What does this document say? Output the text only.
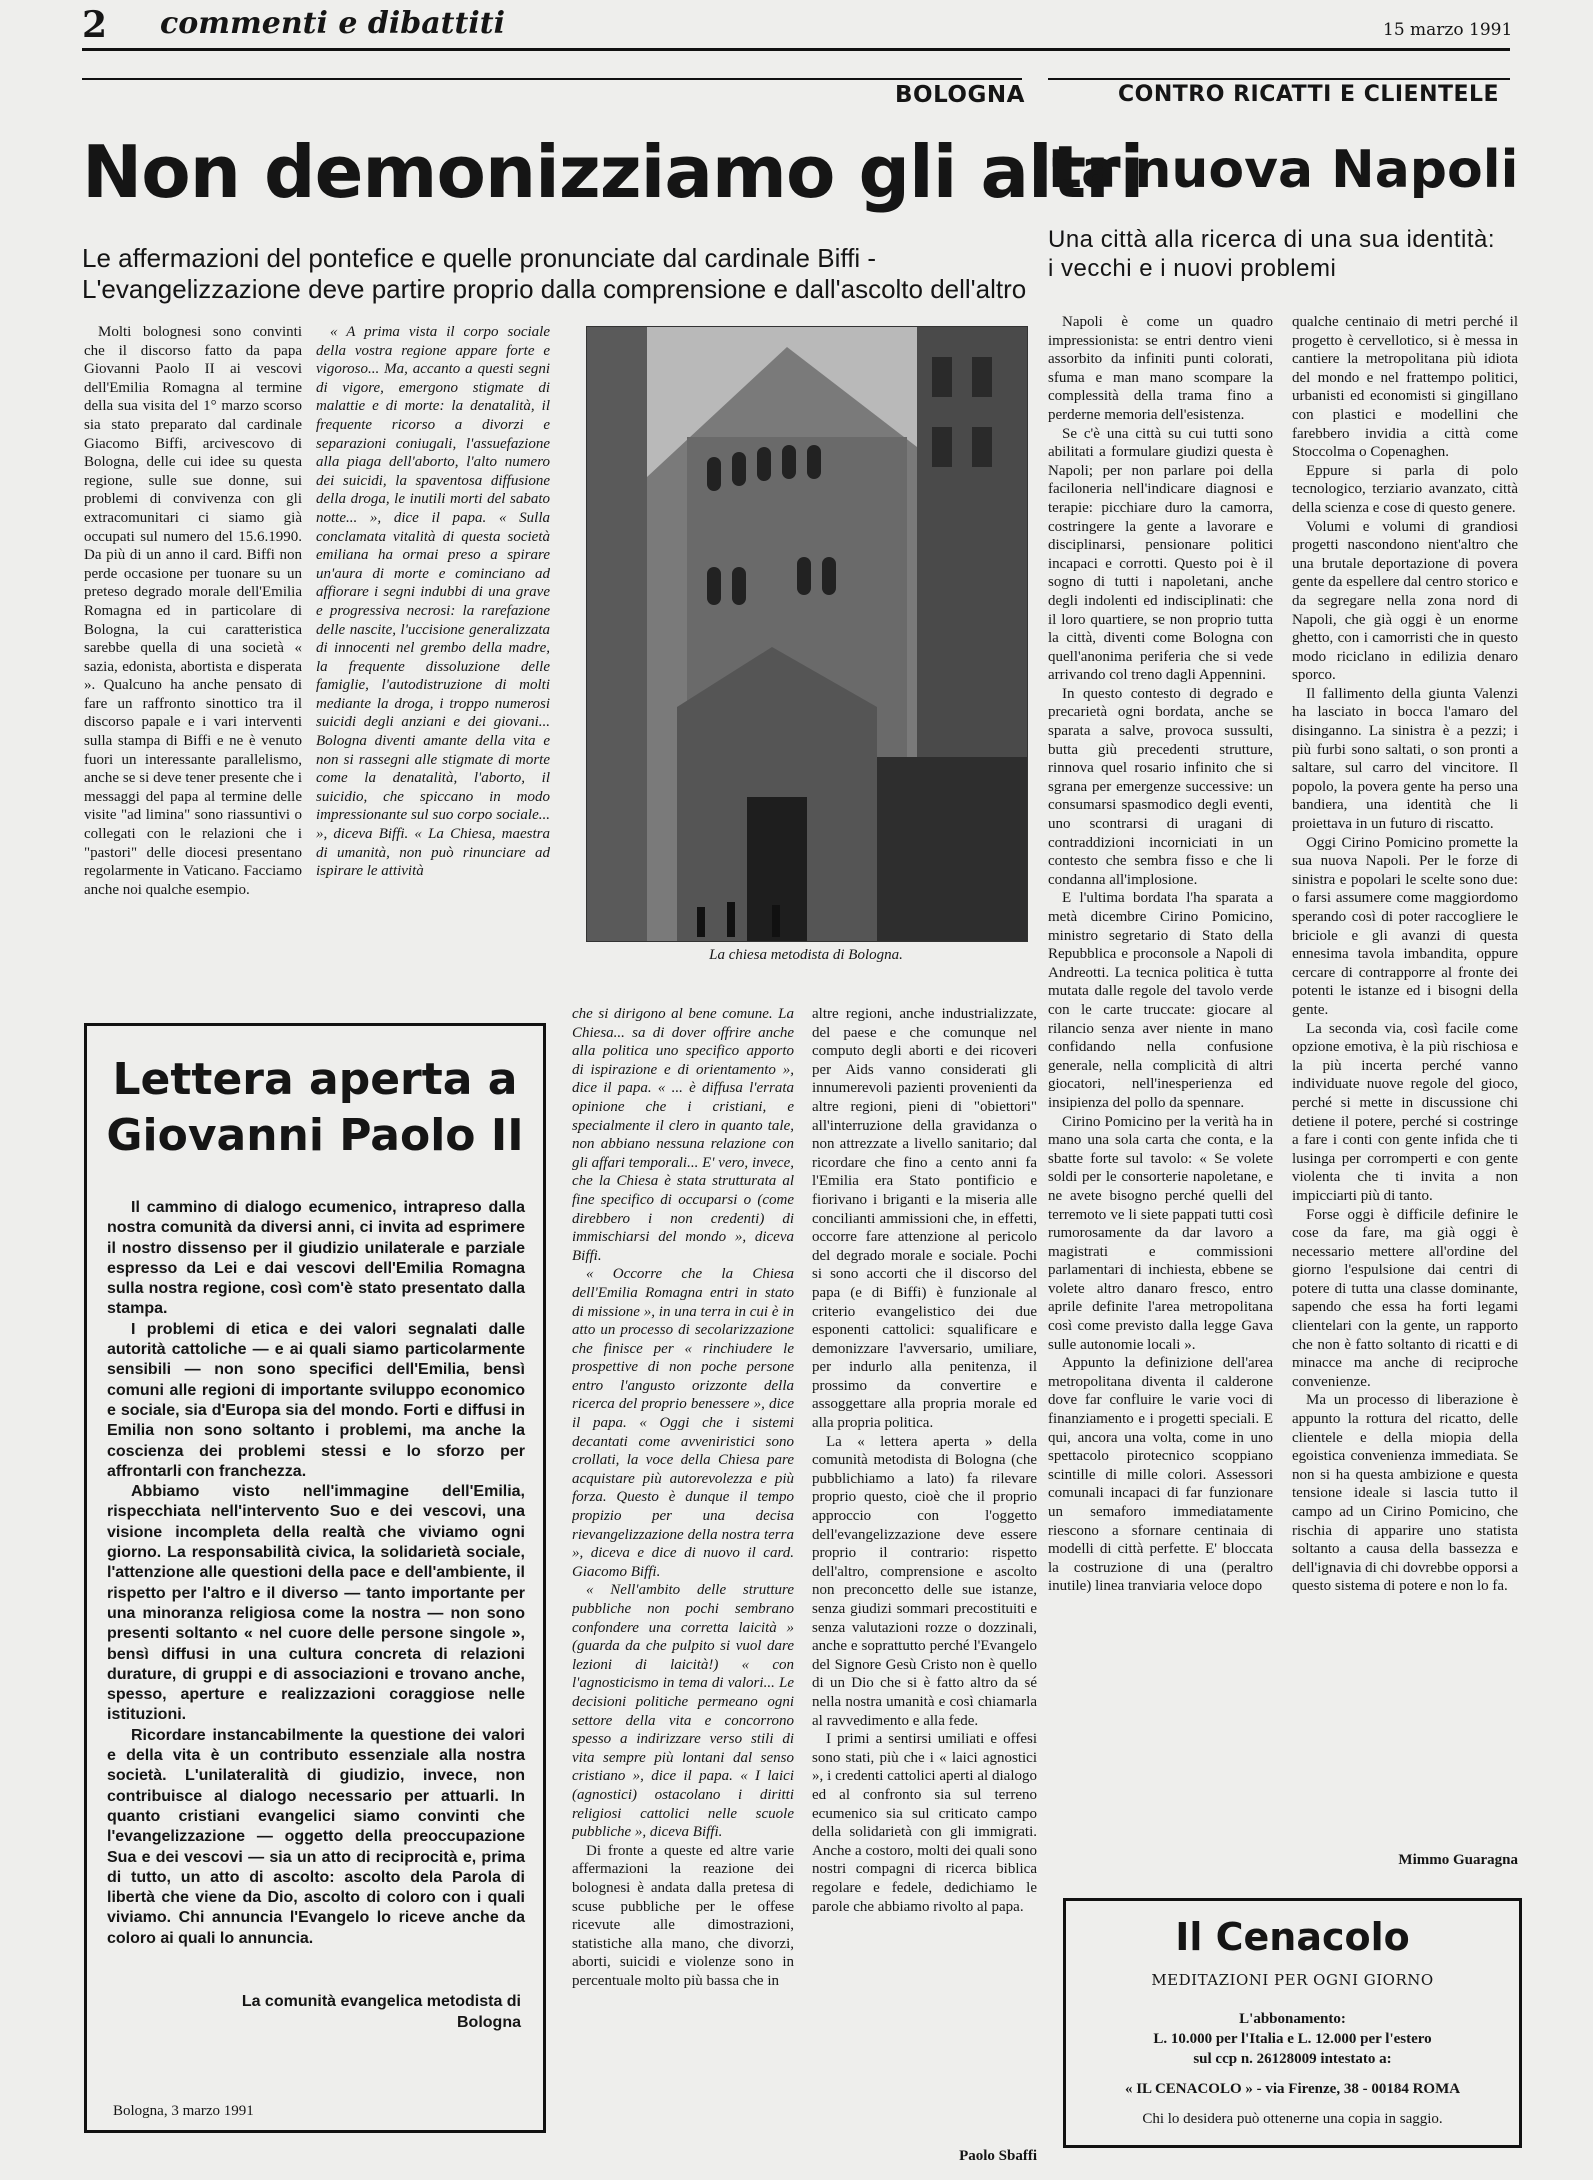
2 commenti e dibattiti	15 marzo 1991
BOLOGNA
Non demonizziamo gli altri
Le affermazioni del pontefice e quelle pronunciate dal cardinale Biffi - L'evangelizzazione deve partire proprio dalla comprensione e dall'ascolto dell'altro
CONTRO RICATTI E CLIENTELE
La nuova Napoli
Una città alla ricerca di una sua identità: i vecchi e i nuovi problemi

Molti bolognesi sono convinti che il discorso fatto da papa Giovanni Paolo II ai vescovi dell'Emilia Romagna al termine della sua visita del 1° marzo scorso sia stato preparato dal cardinale Giacomo Biffi, arcivescovo di Bologna, delle cui idee su questa regione, sulle sue donne, sui problemi di convivenza con gli extracomunitari ci siamo già occupati sul numero del 15.6.1990. Da più di un anno il card. Biffi non perde occasione per tuonare su un preteso degrado morale dell'Emilia Romagna ed in particolare di Bologna, la cui caratteristica sarebbe quella di una società « sazia, edonista, abortista e disperata ». Qualcuno ha anche pensato di fare un raffronto sinottico tra il discorso papale e i vari interventi sulla stampa di Biffi e ne è venuto fuori un interessante parallelismo, anche se si deve tener presente che i messaggi del papa al termine delle visite "ad limina" sono riassuntivi o collegati con le relazioni che i "pastori" delle diocesi presentano regolarmente in Vaticano. Facciamo anche noi qualche esempio.

« A prima vista il corpo sociale della vostra regione appare forte e vigoroso... Ma, accanto a questi segni di vigore, emergono stigmate di malattie e di morte: la denatalità, il frequente ricorso a divorzi e separazioni coniugali, l'assuefazione alla piaga dell'aborto, l'alto numero dei suicidi, la spaventosa diffusione della droga, le inutili morti del sabato notte... », dice il papa. « Sulla conclamata vitalità di questa società emiliana ha ormai preso a spirare un'aura di morte e cominciano ad affiorare i segni indubbi di una grave e progressiva necrosi: la rarefazione delle nascite, l'uccisione generalizzata di innocenti nel grembo della madre, la frequente dissoluzione delle famiglie, l'autodistruzione di molti mediante la droga, i troppo numerosi suicidi degli anziani e dei giovani... Bologna diventi amante della vita e non si rassegni alle stigmate di morte come la denatalità, l'aborto, il suicidio, che spiccano in modo impressionante sul suo corpo sociale... », diceva Biffi. « La Chiesa, maestra di umanità, non può rinunciare ad ispirare le attività

La chiesa metodista di Bologna.
Lettera aperta a Giovanni Paolo II

Il cammino di dialogo ecumenico, intrapreso dalla nostra comunità da diversi anni, ci invita ad esprimere il nostro dissenso per il giudizio unilaterale e parziale espresso da Lei e dai vescovi dell'Emilia Romagna sulla nostra regione, così com'è stato presentato dalla stampa.

I problemi di etica e dei valori segnalati dalle autorità cattoliche — e ai quali siamo particolarmente sensibili — non sono specifici dell'Emilia, bensì comuni alle regioni di importante sviluppo economico e sociale, sia d'Europa sia del mondo. Forti e diffusi in Emilia non sono soltanto i problemi, ma anche la coscienza dei problemi stessi e lo sforzo per affrontarli con franchezza.

Abbiamo visto nell'immagine dell'Emilia, rispecchiata nell'intervento Suo e dei vescovi, una visione incompleta della realtà che viviamo ogni giorno. La responsabilità civica, la solidarietà sociale, l'attenzione alle questioni della pace e dell'ambiente, il rispetto per l'altro e il diverso — tanto importante per una minoranza religiosa come la nostra — non sono presenti soltanto « nel cuore delle persone singole », bensì diffusi in una cultura concreta di relazioni durature, di gruppi e di associazioni e trovano anche, spesso, aperture e realizzazioni coraggiose nelle istituzioni.

Ricordare instancabilmente la questione dei valori e della vita è un contributo essenziale alla nostra società. L'unilateralità di giudizio, invece, non contribuisce al dialogo necessario per attuarli. In quanto cristiani evangelici siamo convinti che l'evangelizzazione — oggetto della preoccupazione Sua e dei vescovi — sia un atto di reciprocità e, prima di tutto, un atto di ascolto: ascolto dela Parola di libertà che viene da Dio, ascolto di coloro con i quali viviamo. Chi annuncia l'Evangelo lo riceve anche da coloro ai quali lo annuncia.

La comunità evangelica metodista di Bologna
Bologna, 3 marzo 1991

che si dirigono al bene comune. La Chiesa... sa di dover offrire anche alla politica uno specifico apporto di ispirazione e di orientamento », dice il papa. « ... è diffusa l'errata opinione che i cristiani, e specialmente il clero in quanto tale, non abbiano nessuna relazione con gli affari temporali... E' vero, invece, che la Chiesa è stata strutturata al fine specifico di occuparsi o (come direbbero i non credenti) di immischiarsi del mondo », diceva Biffi.

« Occorre che la Chiesa dell'Emilia Romagna entri in stato di missione », in una terra in cui è in atto un processo di secolarizzazione che finisce per « rinchiudere le prospettive di non poche persone entro l'angusto orizzonte della ricerca del proprio benessere », dice il papa. « Oggi che i sistemi decantati come avveniristici sono crollati, la voce della Chiesa pare acquistare più autorevolezza e più forza. Questo è dunque il tempo propizio per una decisa rievangelizzazione della nostra terra », diceva e dice di nuovo il card. Giacomo Biffi.

« Nell'ambito delle strutture pubbliche non pochi sembrano confondere una corretta laicità » (guarda da che pulpito si vuol dare lezioni di laicità!) « con l'agnosticismo in tema di valori... Le decisioni politiche permeano ogni settore della vita e concorrono spesso a indirizzare verso stili di vita sempre più lontani dal senso cristiano », dice il papa. « I laici (agnostici) ostacolano i diritti religiosi cattolici nelle scuole pubbliche », diceva Biffi.

Di fronte a queste ed altre varie affermazioni la reazione dei bolognesi è andata dalla pretesa di scuse pubbliche per le offese ricevute alle dimostrazioni, statistiche alla mano, che divorzi, aborti, suicidi e violenze sono in percentuale molto più bassa che in

altre regioni, anche industrializzate, del paese e che comunque nel computo degli aborti e dei ricoveri per Aids vanno considerati gli innumerevoli pazienti provenienti da altre regioni, pieni di "obiettori" all'interruzione della gravidanza o non attrezzate a livello sanitario; dal ricordare che fino a cento anni fa l'Emilia era Stato pontificio e fiorivano i briganti e la miseria alle concilianti ammissioni che, in effetti, occorre fare attenzione al pericolo del degrado morale e sociale. Pochi si sono accorti che il discorso del papa (e di Biffi) è funzionale al criterio evangelistico dei due esponenti cattolici: squalificare e demonizzare l'avversario, umiliare, per indurlo alla penitenza, il prossimo da convertire e assoggettare alla propria morale ed alla propria politica.

La « lettera aperta » della comunità metodista di Bologna (che pubblichiamo a lato) fa rilevare proprio questo, cioè che il proprio approccio con l'oggetto dell'evangelizzazione deve essere proprio il contrario: rispetto dell'altro, comprensione e ascolto non preconcetto delle sue istanze, senza giudizi sommari precostituiti e senza valutazioni rozze o dozzinali, anche e soprattutto perché l'Evangelo del Signore Gesù Cristo non è quello di un Dio che si è fatto altro da sé nella nostra umanità e così chiamarla al ravvedimento e alla fede.

I primi a sentirsi umiliati e offesi sono stati, più che i « laici agnostici », i credenti cattolici aperti al dialogo ed al confronto sia sul terreno ecumenico sia sul criticato campo della solidarietà con gli immigrati. Anche a costoro, molti dei quali sono nostri compagni di ricerca biblica regolare e fedele, dedichiamo le parole che abbiamo rivolto al papa.

Paolo Sbaffi

Napoli è come un quadro impressionista: se entri dentro vieni assorbito da infiniti punti colorati, sfuma e man mano scompare la complessità della trama fino a perderne memoria dell'esistenza.

Se c'è una città su cui tutti sono abilitati a formulare giudizi questa è Napoli; per non parlare poi della faciloneria nell'indicare diagnosi e terapie: picchiare duro la camorra, costringere la gente a lavorare e disciplinarsi, pensionare politici incapaci e corrotti. Questo poi è il sogno di tutti i napoletani, anche degli indolenti ed indisciplinati: che il loro quartiere, se non proprio tutta la città, diventi come Bologna con quell'anonima periferia che si vede arrivando col treno dagli Appennini.

In questo contesto di degrado e precarietà ogni bordata, anche se sparata a salve, provoca sussulti, butta giù precedenti strutture, rinnova quel rosario infinito che si sgrana per emergenze successive: un consumarsi spasmodico degli eventi, uno scontrarsi di uragani di contraddizioni incorniciati in un contesto che sembra fisso e che li condanna all'implosione.

E l'ultima bordata l'ha sparata a metà dicembre Cirino Pomicino, ministro segretario di Stato della Repubblica e proconsole a Napoli di Andreotti. La tecnica politica è tutta mutata dalle regole del tavolo verde con le carte truccate: giocare al rilancio senza aver niente in mano confidando nella confusione generale, nella complicità di altri giocatori, nell'inesperienza ed insipienza del pollo da spennare.

Cirino Pomicino per la verità ha in mano una sola carta che conta, e la sbatte forte sul tavolo: « Se volete soldi per le consorterie napoletane, e ne avete bisogno perché quelli del terremoto ve li siete pappati tutti così rumorosamente da dar lavoro a magistrati e commissioni parlamentari di inchiesta, ebbene se volete altro danaro fresco, entro aprile definite l'area metropolitana così come previsto dalla legge Gava sulle autonomie locali ».

Appunto la definizione dell'area metropolitana diventa il calderone dove far confluire le varie voci di finanziamento e i progetti speciali. E qui, ancora una volta, come in uno spettacolo pirotecnico scoppiano scintille di mille colori. Assessori comunali incapaci di far funzionare un semaforo immediatamente riescono a sfornare centinaia di modelli di città perfette. E' bloccata la costruzione di una (peraltro inutile) linea tranviaria veloce dopo

qualche centinaio di metri perché il progetto è cervellotico, si è messa in cantiere la metropolitana più idiota del mondo e nel frattempo politici, urbanisti ed economisti si gingillano con plastici e modellini che farebbero invidia a città come Stoccolma o Copenaghen.

Eppure si parla di polo tecnologico, terziario avanzato, città della scienza e cose di questo genere.

Volumi e volumi di grandiosi progetti nascondono nient'altro che una brutale deportazione di povera gente da espellere dal centro storico e da segregare nella zona nord di Napoli, che già oggi è un enorme ghetto, con i camorristi che in questo modo riciclano in edilizia denaro sporco.

Il fallimento della giunta Valenzi ha lasciato in bocca l'amaro del disinganno. La sinistra è a pezzi; i più furbi sono saltati, o son pronti a saltare, sul carro del vincitore. Il popolo, la povera gente ha perso una bandiera, una identità che li proiettava in un futuro di riscatto.

Oggi Cirino Pomicino promette la sua nuova Napoli. Per le forze di sinistra e popolari le scelte sono due: o farsi assumere come maggiordomo sperando così di poter raccogliere le briciole e gli avanzi di questa ennesima tavola imbandita, oppure cercare di contrapporre al fronte dei potenti le istanze ed i bisogni della gente.

La seconda via, così facile come opzione emotiva, è la più rischiosa e la più incerta perché vanno individuate nuove regole del gioco, perché si mette in discussione chi detiene il potere, perché si costringe a fare i conti con gente infida che ti lusinga per corromperti e con gente violenta che ti invita a non impicciarti più di tanto.

Forse oggi è difficile definire le cose da fare, ma già oggi è necessario mettere all'ordine del giorno l'espulsione dai centri di potere di tutta una classe dominante, sapendo che essa ha forti legami clientelari con la gente, un rapporto che non è fatto soltanto di ricatti e di minacce ma anche di reciproche convenienze.

Ma un processo di liberazione è appunto la rottura del ricatto, delle clientele e della miopia della egoistica convenienza immediata. Se non si ha questa ambizione e questa tensione ideale si lascia tutto il campo ad un Cirino Pomicino, che rischia di apparire uno statista soltanto a causa della bassezza e dell'ignavia di chi dovrebbe opporsi a questo sistema di potere e non lo fa.

Mimmo Guaragna
Il Cenacolo
MEDITAZIONI PER OGNI GIORNO
L'abbonamento:
L. 10.000 per l'Italia e L. 12.000 per l'estero
sul ccp n. 26128009 intestato a:
« IL CENACOLO » - via Firenze, 38 - 00184 ROMA
Chi lo desidera può ottenerne una copia in saggio.
